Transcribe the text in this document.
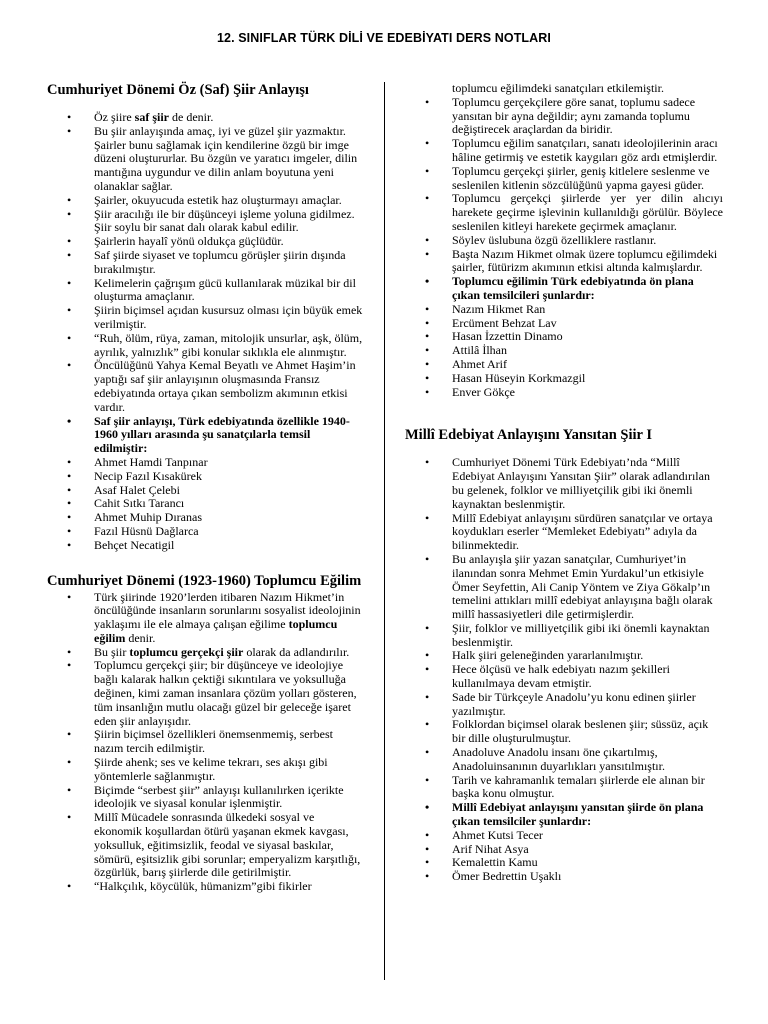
12. SINIFLAR TÜRK DİLİ VE EDEBİYATI DERS NOTLARI
Cumhuriyet Dönemi Öz (Saf) Şiir Anlayışı
• Öz şiire saf şiir de denir.
• Bu şiir anlayışında amaç, iyi ve güzel şiir yazmaktır. Şairler bunu sağlamak için kendilerine özgü bir imge düzeni oluştururlar. Bu özgün ve yaratıcı imgeler, dilin mantığına uygundur ve dilin anlam boyutuna yeni olanaklar sağlar.
• Şairler, okuyucuda estetik haz oluşturmayı amaçlar.
• Şiir aracılığı ile bir düşünceyi işleme yoluna gidilmez. Şiir soylu bir sanat dalı olarak kabul edilir.
• Şairlerin hayalî yönü oldukça güçlüdür.
• Saf şiirde siyaset ve toplumcu görüşler şiirin dışında bırakılmıştır.
• Kelimelerin çağrışım gücü kullanılarak müzikal bir dil oluşturma amaçlanır.
• Şiirin biçimsel açıdan kusursuz olması için büyük emek verilmiştir.
• “Ruh, ölüm, rüya, zaman, mitolojik unsurlar, aşk, ölüm, ayrılık, yalnızlık” gibi konular sıklıkla ele alınmıştır.
• Öncülüğünü Yahya Kemal Beyatlı ve Ahmet Haşim’in yaptığı saf şiir anlayışının oluşmasında Fransız edebiyatında ortaya çıkan sembolizm akımının etkisi vardır.
• Saf şiir anlayışı, Türk edebiyatında özellikle 1940-1960 yılları arasında şu sanatçılarla temsil edilmiştir:
• Ahmet Hamdi Tanpınar
• Necip Fazıl Kısakürek
• Asaf Halet Çelebi
• Cahit Sıtkı Tarancı
• Ahmet Muhip Dıranas
• Fazıl Hüsnü Dağlarca
• Behçet Necatigil
Cumhuriyet Dönemi (1923-1960) Toplumcu Eğilim
• Türk şiirinde 1920’lerden itibaren Nazım Hikmet’in öncülüğünde insanların sorunlarını sosyalist ideolojinin yaklaşımı ile ele almaya çalışan eğilime toplumcu eğilim denir.
• Bu şiir toplumcu gerçekçi şiir olarak da adlandırılır.
• Toplumcu gerçekçi şiir; bir düşünceye ve ideolojiye bağlı kalarak halkın çektiği sıkıntılara ve yoksulluğa değinen, kimi zaman insanlara çözüm yolları gösteren, tüm insanlığın mutlu olacağı güzel bir geleceğe işaret eden şiir anlayışıdır.
• Şiirin biçimsel özellikleri önemsenmemiş, serbest nazım tercih edilmiştir.
• Şiirde ahenk; ses ve kelime tekrarı, ses akışı gibi yöntemlerle sağlanmıştır.
• Biçimde “serbest şiir” anlayışı kullanılırken içerikte ideolojik ve siyasal konular işlenmiştir.
• Millî Mücadele sonrasında ülkedeki sosyal ve ekonomik koşullardan ötürü yaşanan ekmek kavgası, yoksulluk, eğitimsizlik, feodal ve siyasal baskılar, sömürü, eşitsizlik gibi sorunlar; emperyalizm karşıtlığı, özgürlük, barış şiirlerde dile getirilmiştir.
• “Halkçılık, köycülük, hümanizm”gibi fikirler
toplumcu eğilimdeki sanatçıları etkilemiştir.
• Toplumcu gerçekçilere göre sanat, toplumu sadece yansıtan bir ayna değildir; aynı zamanda toplumu değiştirecek araçlardan da biridir.
• Toplumcu eğilim sanatçıları, sanatı ideolojilerinin aracı hâline getirmiş ve estetik kaygıları göz ardı etmişlerdir.
• Toplumcu gerçekçi şiirler, geniş kitlelere seslenme ve seslenilen kitlenin sözcülüğünü yapma gayesi güder.
• Toplumcu gerçekçi şiirlerde yer yer dilin alıcıyı harekete geçirme işlevinin kullanıldığı görülür. Böylece seslenilen kitleyi harekete geçirmek amaçlanır.
• Söylev üslubuna özgü özelliklere rastlanır.
• Başta Nazım Hikmet olmak üzere toplumcu eğilimdeki şairler, fütürizm akımının etkisi altında kalmışlardır.
• Toplumcu eğilimin Türk edebiyatında ön plana çıkan temsilcileri şunlardır:
• Nazım Hikmet Ran
• Ercüment Behzat Lav
• Hasan İzzettin Dinamo
• Attilâ İlhan
• Ahmet Arif
• Hasan Hüseyin Korkmazgil
• Enver Gökçe
Millî Edebiyat Anlayışını Yansıtan Şiir I
• Cumhuriyet Dönemi Türk Edebiyatı’nda “Millî Edebiyat Anlayışını Yansıtan Şiir” olarak adlandırılan bu gelenek, folklor ve milliyetçilik gibi iki önemli kaynaktan beslenmiştir.
• Millî Edebiyat anlayışını sürdüren sanatçılar ve ortaya koydukları eserler “Memleket Edebiyatı” adıyla da bilinmektedir.
• Bu anlayışla şiir yazan sanatçılar, Cumhuriyet’in ilanından sonra Mehmet Emin Yurdakul’un etkisiyle Ömer Seyfettin, Ali Canip Yöntem ve Ziya Gökalp’ın temelini attıkları millî edebiyat anlayışına bağlı olarak millî hassasiyetleri dile getirmişlerdir.
• Şiir, folklor ve milliyetçilik gibi iki önemli kaynaktan beslenmiştir.
• Halk şiiri geleneğinden yararlanılmıştır.
• Hece ölçüsü ve halk edebiyatı nazım şekilleri kullanılmaya devam etmiştir.
• Sade bir Türkçeyle Anadolu’yu konu edinen şiirler yazılmıştır.
• Folklordan biçimsel olarak beslenen şiir; süssüz, açık bir dille oluşturulmuştur.
• Anadoluve Anadolu insanı öne çıkartılmış, Anadoluinsanının duyarlıkları yansıtılmıştır.
• Tarih ve kahramanlık temaları şiirlerde ele alınan bir başka konu olmuştur.
• Millî Edebiyat anlayışını yansıtan şiirde ön plana çıkan temsilciler şunlardır:
• Ahmet Kutsi Tecer
• Arif Nihat Asya
• Kemalettin Kamu
• Ömer Bedrettin Uşaklı
